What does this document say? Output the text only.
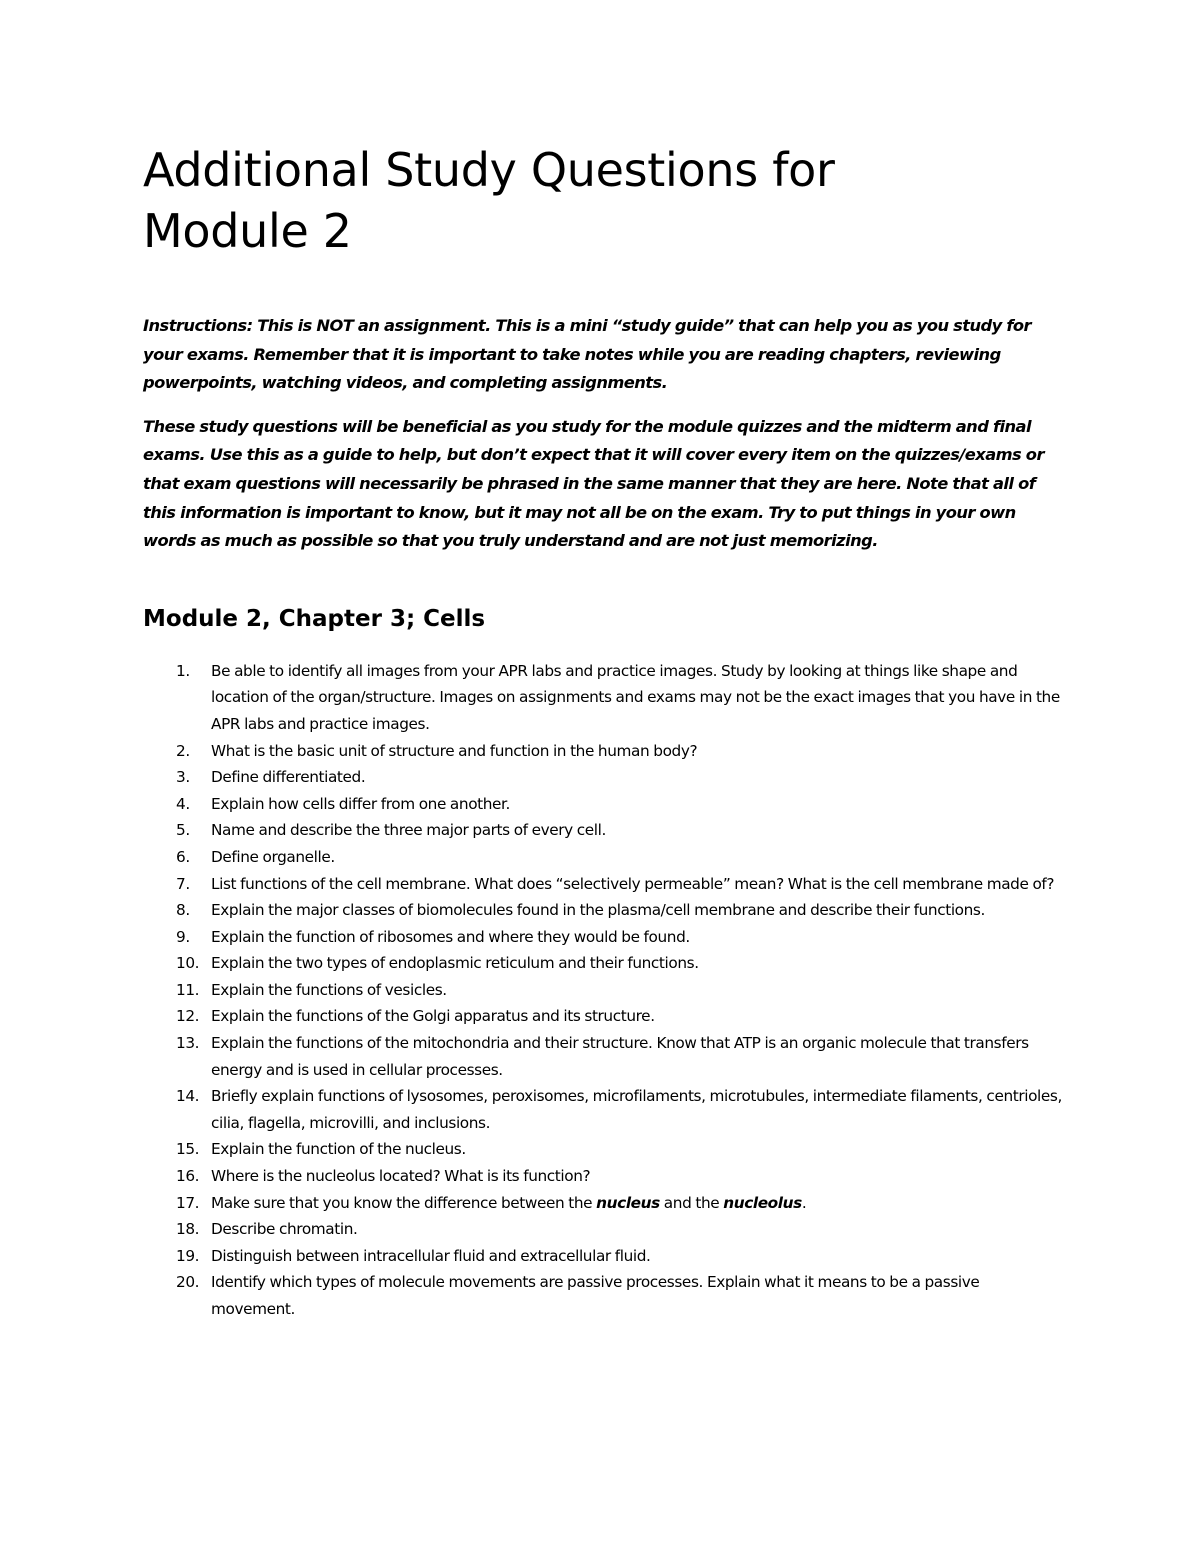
Additional Study Questions for
Module 2

Instructions: This is NOT an assignment. This is a mini “study guide” that can help you as you study for your exams. Remember that it is important to take notes while you are reading chapters, reviewing powerpoints, watching videos, and completing assignments.

These study questions will be beneficial as you study for the module quizzes and the midterm and final exams. Use this as a guide to help, but don’t expect that it will cover every item on the quizzes/exams or that exam questions will necessarily be phrased in the same manner that they are here. Note that all of this information is important to know, but it may not all be on the exam. Try to put things in your own words as much as possible so that you truly understand and are not just memorizing.

Module 2, Chapter 3; Cells
1. Be able to identify all images from your APR labs and practice images. Study by looking at things like shape and location of the organ/structure. Images on assignments and exams may not be the exact images that you have in the APR labs and practice images.
2. What is the basic unit of structure and function in the human body?
3. Define differentiated.
4. Explain how cells differ from one another.
5. Name and describe the three major parts of every cell.
6. Define organelle.
7. List functions of the cell membrane. What does “selectively permeable” mean? What is the cell membrane made of?
8. Explain the major classes of biomolecules found in the plasma/cell membrane and describe their functions.
9. Explain the function of ribosomes and where they would be found.
10. Explain the two types of endoplasmic reticulum and their functions.
11. Explain the functions of vesicles.
12. Explain the functions of the Golgi apparatus and its structure.
13. Explain the functions of the mitochondria and their structure. Know that ATP is an organic molecule that transfers energy and is used in cellular processes.
14. Briefly explain functions of lysosomes, peroxisomes, microfilaments, microtubules, intermediate filaments, centrioles, cilia, flagella, microvilli, and inclusions.
15. Explain the function of the nucleus.
16. Where is the nucleolus located? What is its function?
17. Make sure that you know the difference between the nucleus and the nucleolus.
18. Describe chromatin.
19. Distinguish between intracellular fluid and extracellular fluid.
20. Identify which types of molecule movements are passive processes. Explain what it means to be a passive movement.
